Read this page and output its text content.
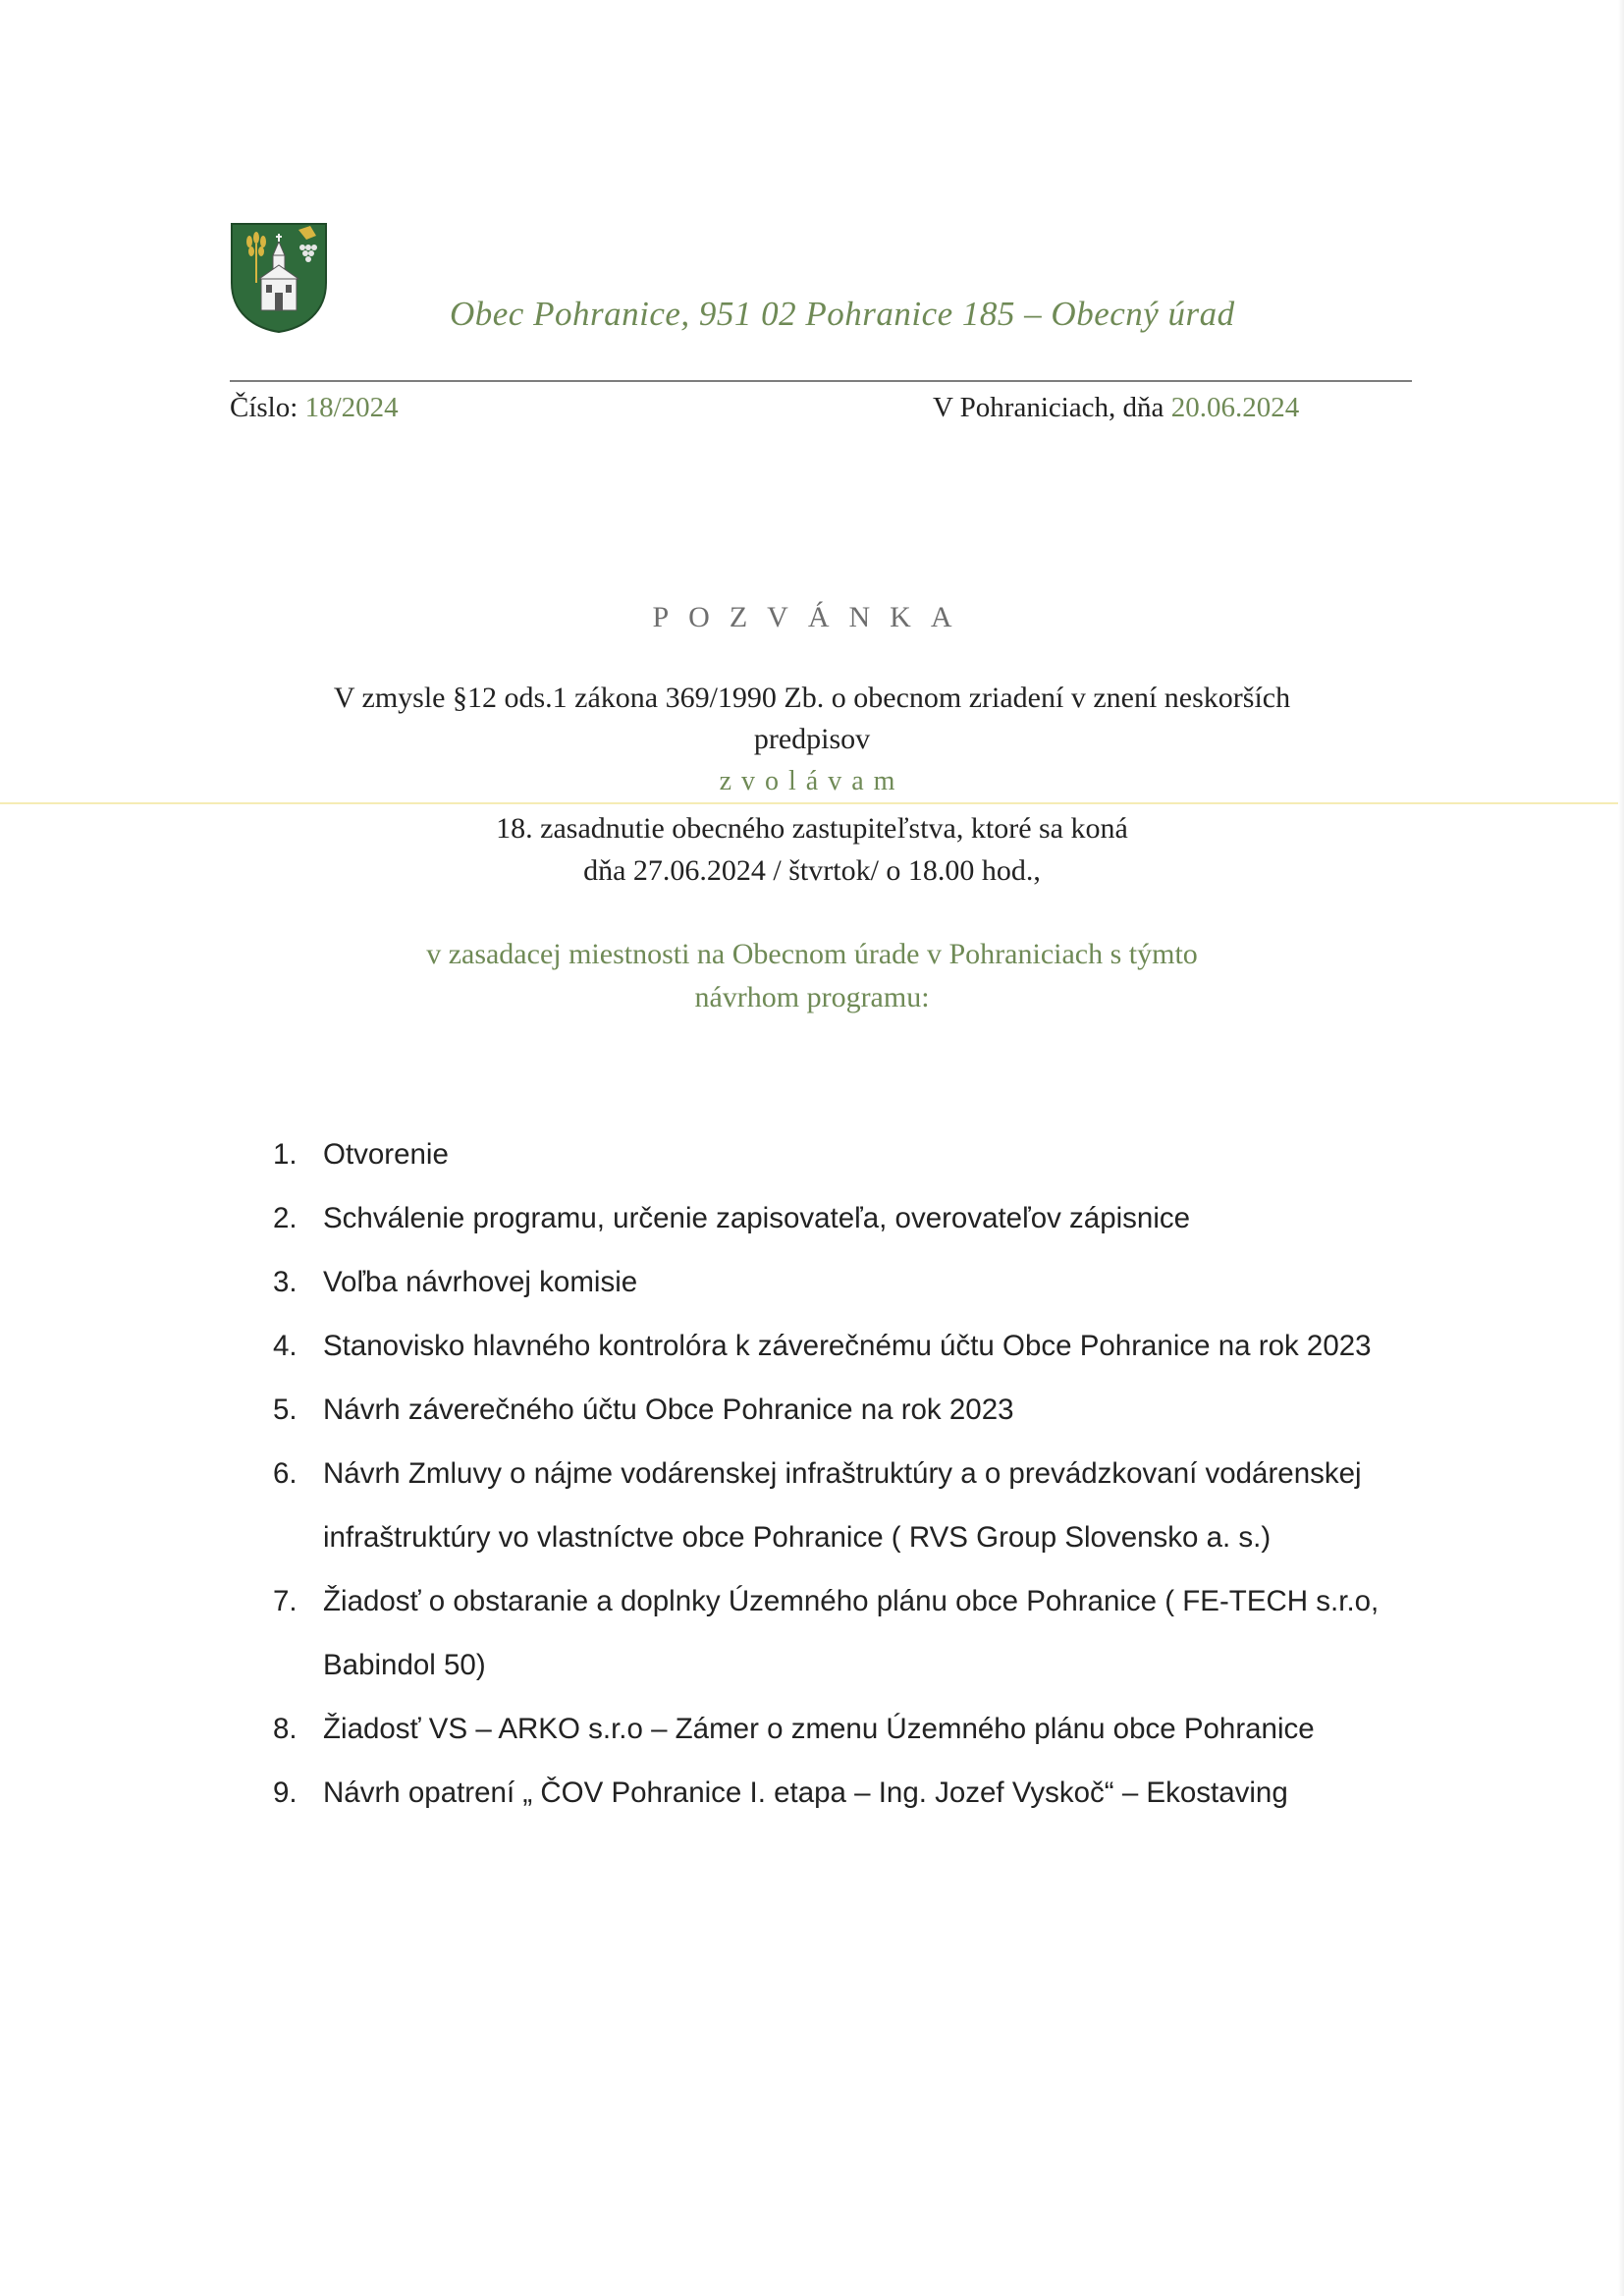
Obec Pohranice, 951 02 Pohranice 185 – Obecný úrad
Číslo: 18/2024	V Pohraniciach, dňa 20.06.2024
POZVÁNKA
V zmysle §12 ods.1 zákona 369/1990 Zb. o obecnom zriadení v znení neskorších
predpisov
zvolávam
18. zasadnutie obecného zastupiteľstva, ktoré sa koná
dňa 27.06.2024 / štvrtok/ o 18.00 hod.,
v zasadacej miestnosti na Obecnom úrade v Pohraniciach s týmto
návrhom programu:
1. Otvorenie
2. Schválenie programu, určenie zapisovateľa, overovateľov zápisnice
3. Voľba návrhovej komisie
4. Stanovisko hlavného kontrolóra k záverečnému účtu Obce Pohranice na rok 2023
5. Návrh záverečného účtu Obce Pohranice na rok 2023
6. Návrh Zmluvy o nájme vodárenskej infraštruktúry a o prevádzkovaní vodárenskej infraštruktúry vo vlastníctve obce Pohranice ( RVS Group Slovensko a. s.)
7. Žiadosť o obstaranie a doplnky Územného plánu obce Pohranice ( FE-TECH s.r.o, Babindol 50)
8. Žiadosť VS – ARKO s.r.o – Zámer o zmenu Územného plánu obce Pohranice
9. Návrh opatrení „ ČOV Pohranice I. etapa – Ing. Jozef Vyskoč“ – Ekostaving
